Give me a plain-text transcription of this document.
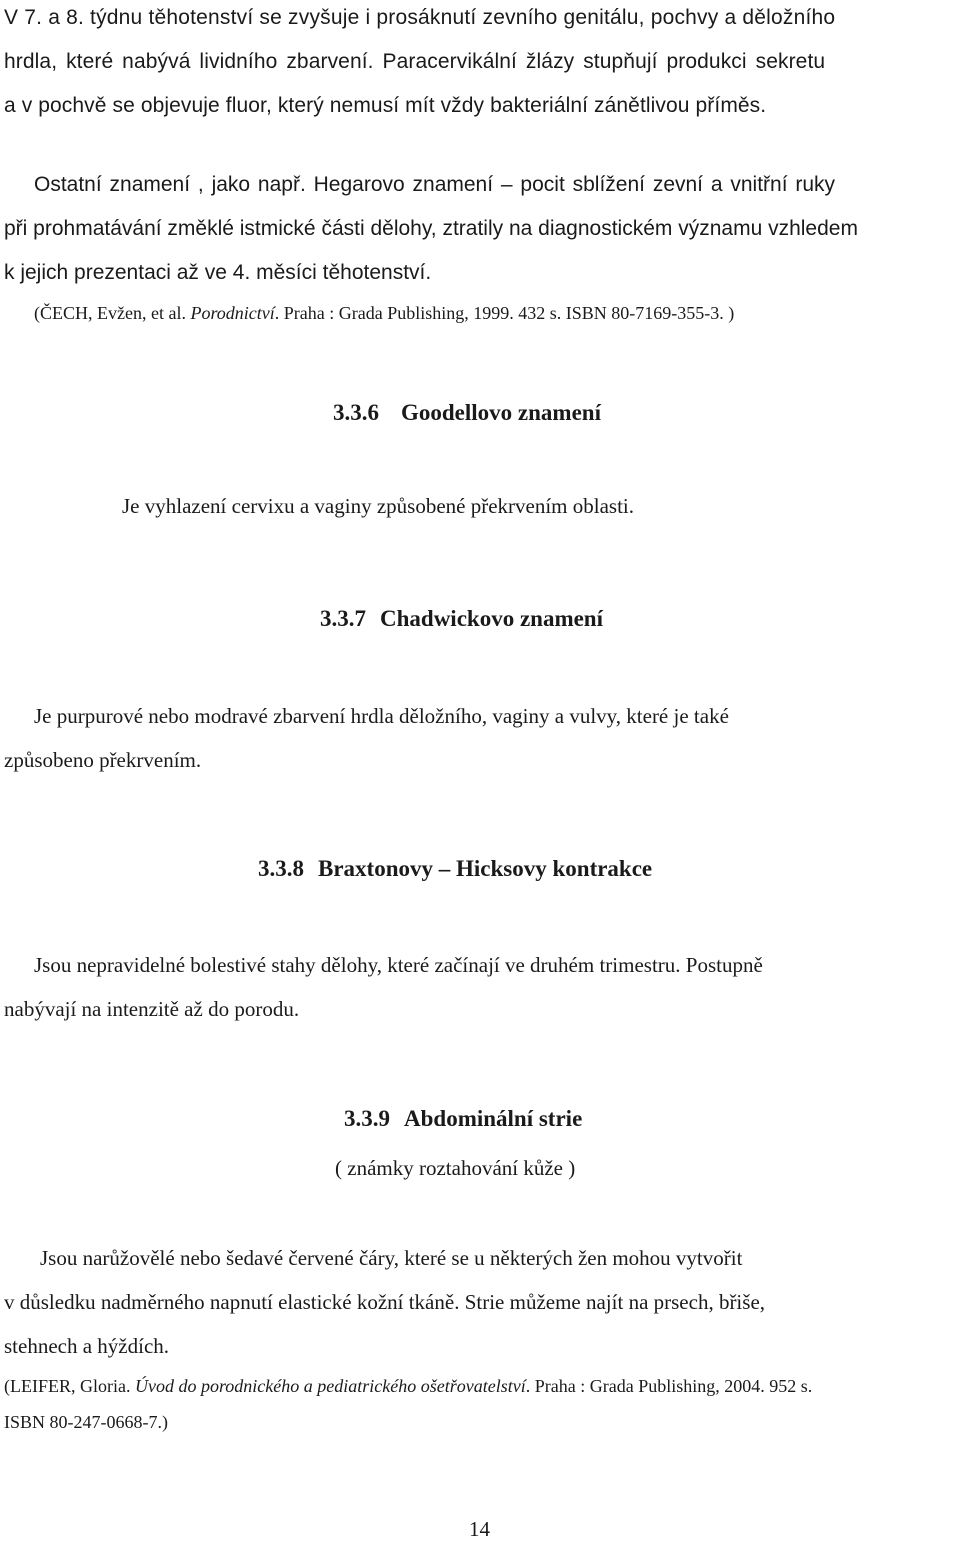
V 7. a 8. týdnu těhotenství se zvyšuje i prosáknutí zevního genitálu, pochvy a děložního
hrdla, které nabývá lividního zbarvení. Paracervikální žlázy stupňují produkci sekretu
a v pochvě se objevuje fluor, který nemusí mít vždy bakteriální zánětlivou příměs.
Ostatní znamení , jako např. Hegarovo znamení – pocit sblížení zevní a vnitřní ruky
při prohmatávání změklé istmické části dělohy, ztratily na diagnostickém významu vzhledem
k jejich prezentaci až ve 4. měsíci těhotenství.
(ČECH, Evžen, et al. Porodnictví. Praha : Grada Publishing, 1999. 432 s. ISBN 80-7169-355-3. )
3.3.6 Goodellovo znamení
Je vyhlazení cervixu a vaginy způsobené překrvením oblasti.
3.3.7 Chadwickovo znamení
Je purpurové nebo modravé zbarvení hrdla děložního, vaginy a vulvy, které je také
způsobeno překrvením.
3.3.8 Braxtonovy – Hicksovy kontrakce
Jsou nepravidelné bolestivé stahy dělohy, které začínají ve druhém trimestru. Postupně
nabývají na intenzitě až do porodu.
3.3.9 Abdominální strie
( známky roztahování kůže )
Jsou narůžovělé nebo šedavé červené čáry, které se u některých žen mohou vytvořit
v důsledku nadměrného napnutí elastické kožní tkáně. Strie můžeme najít na prsech, břiše,
stehnech a hýždích.
(LEIFER, Gloria. Úvod do porodnického a pediatrického ošetřovatelství. Praha : Grada Publishing, 2004. 952 s.
ISBN 80-247-0668-7.)
14
